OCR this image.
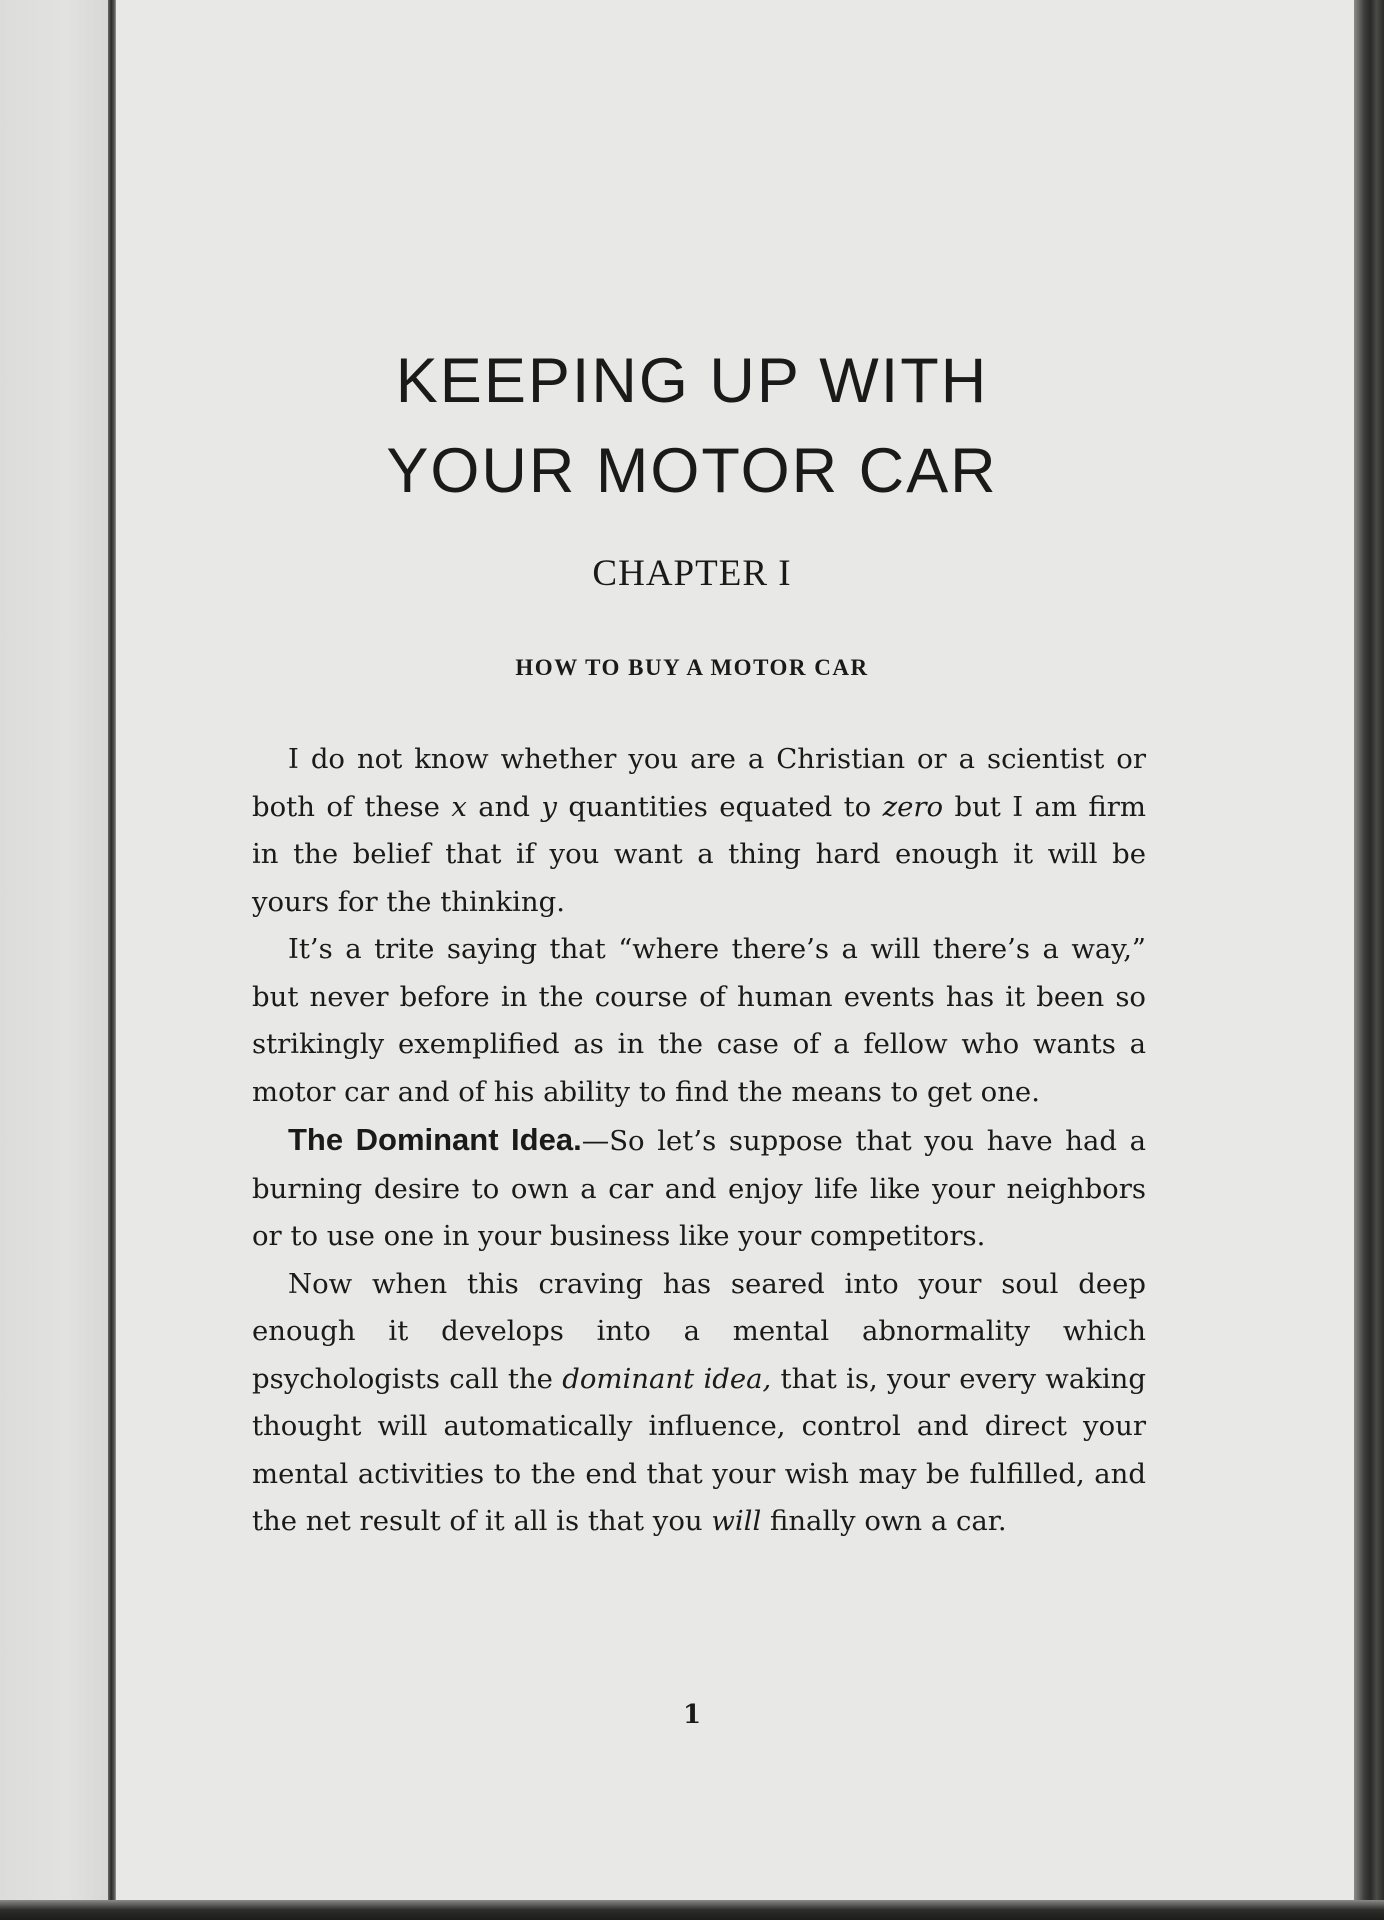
KEEPING UP WITH
YOUR MOTOR CAR
CHAPTER I
HOW TO BUY A MOTOR CAR

I do not know whether you are a Christian or a scientist or both of these x and y quantities equated to zero but I am firm in the belief that if you want a thing hard enough it will be yours for the thinking.

It’s a trite saying that “where there’s a will there’s a way,” but never before in the course of human events has it been so strikingly exemplified as in the case of a fellow who wants a motor car and of his ability to find the means to get one.

The Dominant Idea.—So let’s suppose that you have had a burning desire to own a car and enjoy life like your neighbors or to use one in your business like your competitors.

Now when this craving has seared into your soul deep enough it develops into a mental abnormality which psychologists call the dominant idea, that is, your every waking thought will automatically influence, control and direct your mental activities to the end that your wish may be fulfilled, and the net result of it all is that you will finally own a car.

1
